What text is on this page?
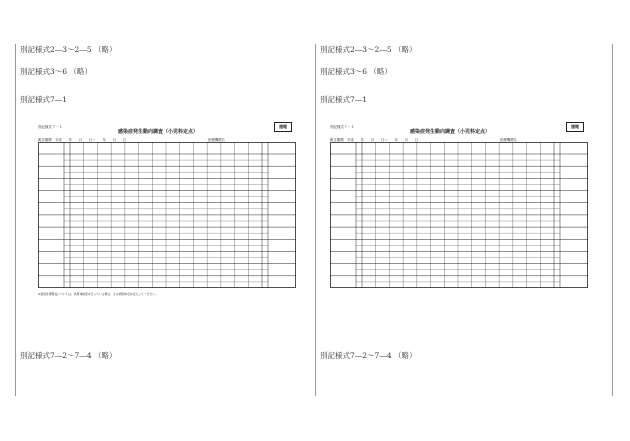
別記様式2―3～2―5 （略）
別記様式3～6 （略）
別記様式7―1
別記様式７－１
感染症発生動向調査（小児科定点）
週報
報告期間　平成　　年　　月　　日～　　年　　月　　日	医療機関名
※感染性胃腸炎については、病原体検査を行っている場合、その病原体名を記入してください。
別記様式7―2～7―4 （略）
別記様式2―3～2―5 （略）
別記様式3～6 （略）
別記様式7―1
別記様式７－１
感染症発生動向調査（小児科定点）
週報
報告期間　平成　　年　　月　　日～　　年　　月　　日	医療機関名
別記様式7―2～7―4 （略）
